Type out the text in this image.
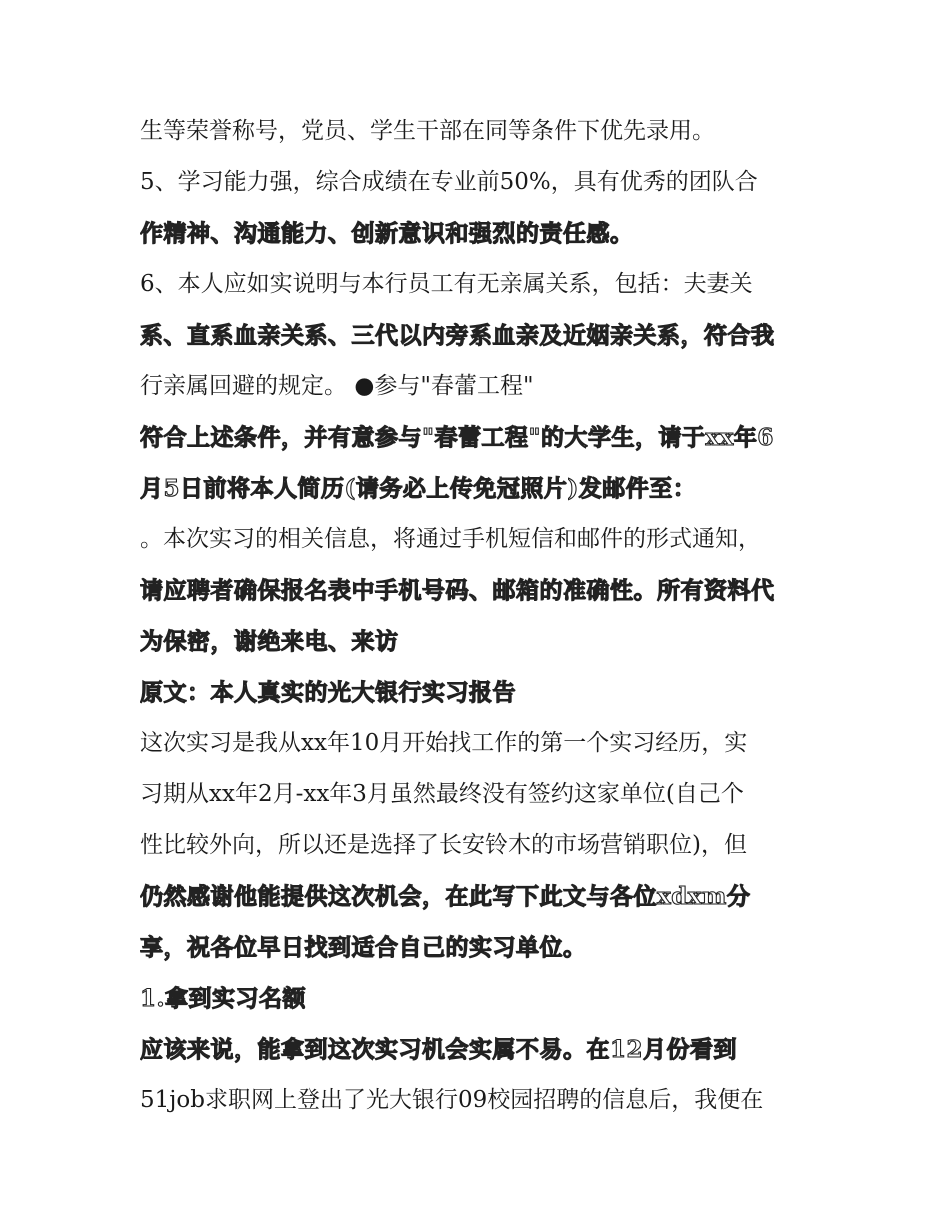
生等荣誉称号，党员、学生干部在同等条件下优先录用。
5、学习能力强，综合成绩在专业前50%，具有优秀的团队合
作精神、沟通能力、创新意识和强烈的责任感。
6、本人应如实说明与本行员工有无亲属关系，包括：夫妻关
系、直系血亲关系、三代以内旁系血亲及近姻亲关系，符合我
行亲属回避的规定。 ●参与"春蕾工程"
符合上述条件，并有意参与"春蕾工程"的大学生，请于xx年6
月5日前将本人简历(请务必上传免冠照片)发邮件至：
。本次实习的相关信息，将通过手机短信和邮件的形式通知，
请应聘者确保报名表中手机号码、邮箱的准确性。所有资料代
为保密，谢绝来电、来访
原文：本人真实的光大银行实习报告
这次实习是我从xx年10月开始找工作的第一个实习经历，实
习期从xx年2月-xx年3月虽然最终没有签约这家单位(自己个
性比较外向，所以还是选择了长安铃木的市场营销职位)，但
仍然感谢他能提供这次机会，在此写下此文与各位xdxm分
享，祝各位早日找到适合自己的实习单位。
1.拿到实习名额
应该来说，能拿到这次实习机会实属不易。在12月份看到
51job求职网上登出了光大银行09校园招聘的信息后，我便在
